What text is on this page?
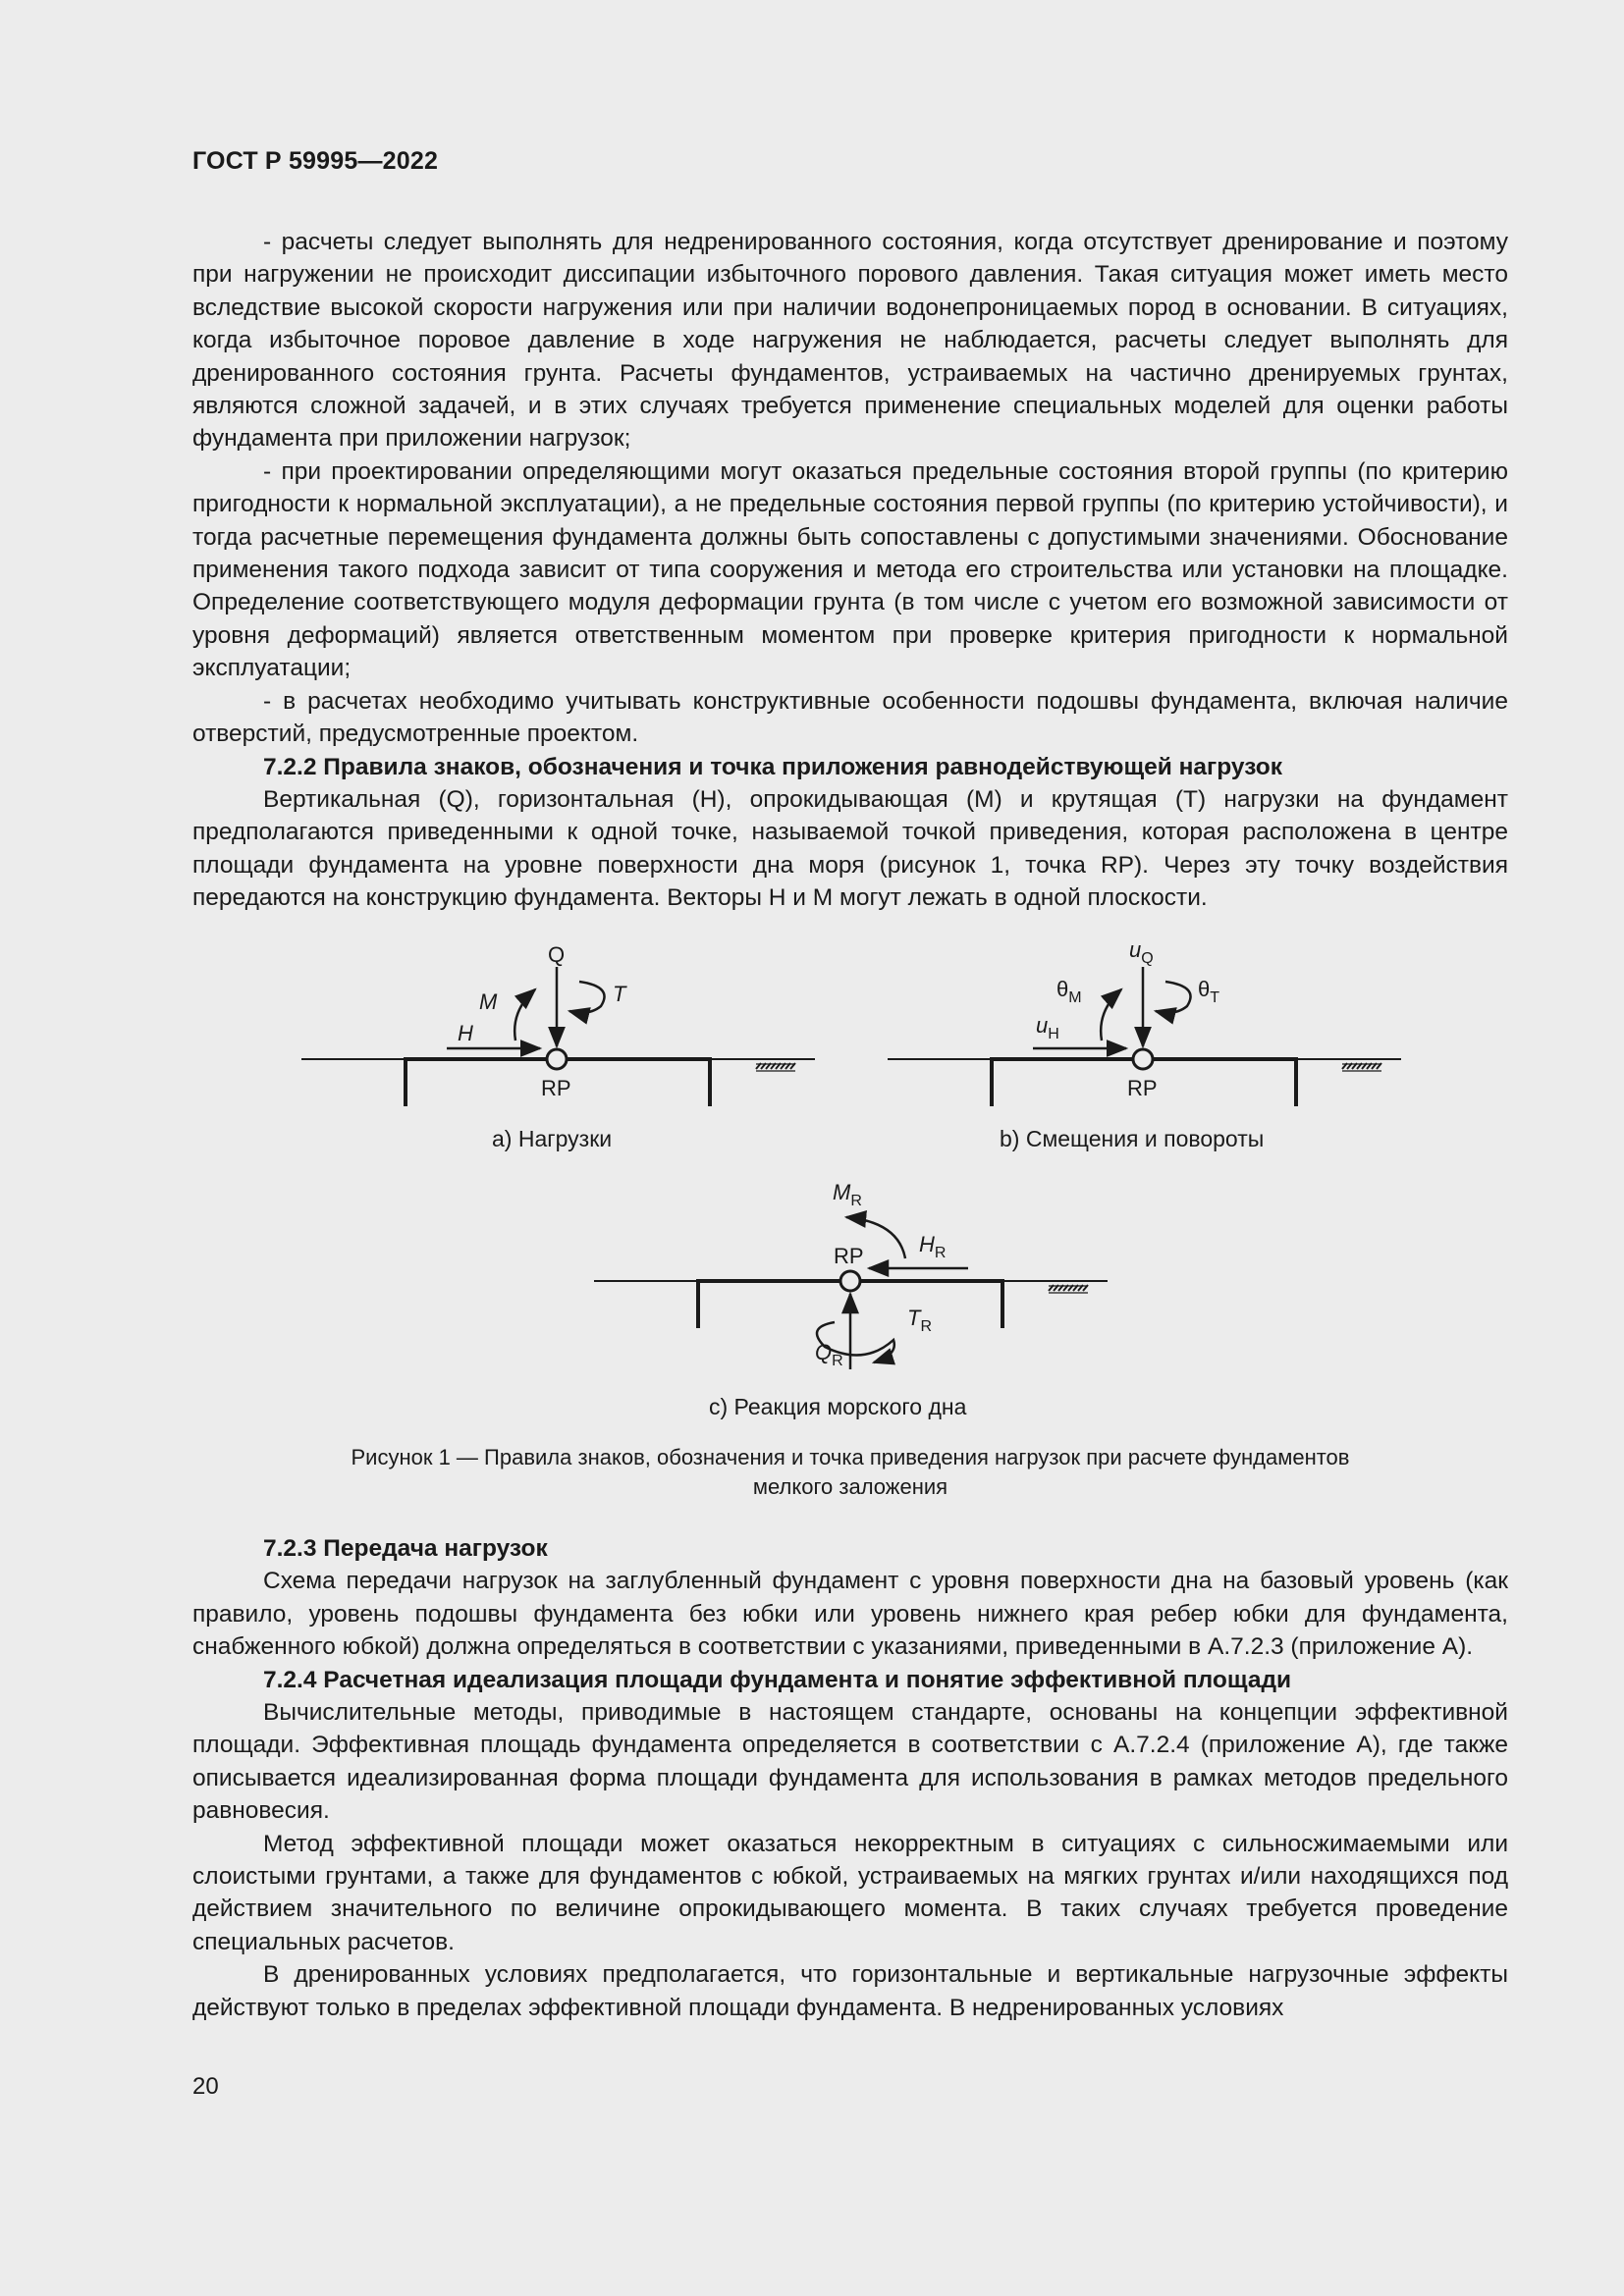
ГОСТ Р 59995—2022

- расчеты следует выполнять для недренированного состояния, когда отсутствует дренирование и поэтому при нагружении не происходит диссипации избыточного порового давления. Такая ситуация может иметь место вследствие высокой скорости нагружения или при наличии водонепроницаемых пород в основании. В ситуациях, когда избыточное поровое давление в ходе нагружения не наблюдается, расчеты следует выполнять для дренированного состояния грунта. Расчеты фундаментов, устраиваемых на частично дренируемых грунтах, являются сложной задачей, и в этих случаях требуется применение специальных моделей для оценки работы фундамента при приложении нагрузок;

- при проектировании определяющими могут оказаться предельные состояния второй группы (по критерию пригодности к нормальной эксплуатации), а не предельные состояния первой группы (по критерию устойчивости), и тогда расчетные перемещения фундамента должны быть сопоставлены с допустимыми значениями. Обоснование применения такого подхода зависит от типа сооружения и метода его строительства или установки на площадке. Определение соответствующего модуля деформации грунта (в том числе с учетом его возможной зависимости от уровня деформаций) является ответственным моментом при проверке критерия пригодности к нормальной эксплуатации;

- в расчетах необходимо учитывать конструктивные особенности подошвы фундамента, включая наличие отверстий, предусмотренные проектом.

7.2.2 Правила знаков, обозначения и точка приложения равнодействующей нагрузок

Вертикальная (Q), горизонтальная (H), опрокидывающая (M) и крутящая (T) нагрузки на фундамент предполагаются приведенными к одной точке, называемой точкой приведения, которая расположена в центре площади фундамента на уровне поверхности дна моря (рисунок 1, точка RP). Через эту точку воздействия передаются на конструкцию фундамента. Векторы H и M могут лежать в одной плоскости.

Q
M	T
H
RP
а) Нагрузки
$u_Q$
$\theta_M$	$\theta_T$
$u_H$
RP
b) Смещения и повороты
$M_R$
$H_R$
$T_R$
$Q_R$
RP
с) Реакция морского дна
Рисунок 1 — Правила знаков, обозначения и точка приведения нагрузок при расчете фундаментов
мелкого заложения

7.2.3 Передача нагрузок

Схема передачи нагрузок на заглубленный фундамент с уровня поверхности дна на базовый уровень (как правило, уровень подошвы фундамента без юбки или уровень нижнего края ребер юбки для фундамента, снабженного юбкой) должна определяться в соответствии с указаниями, приведенными в А.7.2.3 (приложение А).

7.2.4 Расчетная идеализация площади фундамента и понятие эффективной площади

Вычислительные методы, приводимые в настоящем стандарте, основаны на концепции эффективной площади. Эффективная площадь фундамента определяется в соответствии с А.7.2.4 (приложение А), где также описывается идеализированная форма площади фундамента для использования в рамках методов предельного равновесия.

Метод эффективной площади может оказаться некорректным в ситуациях с сильносжимаемыми или слоистыми грунтами, а также для фундаментов с юбкой, устраиваемых на мягких грунтах и/или находящихся под действием значительного по величине опрокидывающего момента. В таких случаях требуется проведение специальных расчетов.

В дренированных условиях предполагается, что горизонтальные и вертикальные нагрузочные эффекты действуют только в пределах эффективной площади фундамента. В недренированных условиях

20
